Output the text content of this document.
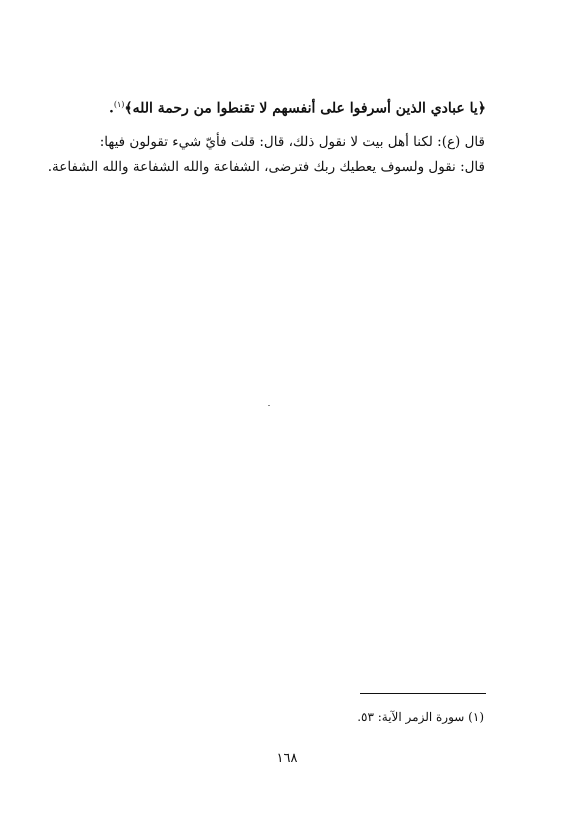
﴿يا عبادي الذين أسرفوا على أنفسهم لا تقنطوا من رحمة الله﴾$^{(١)}$.
قال (ع): لكنا أهل بيت لا نقول ذلك، قال: قلت فأيّ شيء تقولون فيها:
قال: نقول ولسوف يعطيك ربك فترضى، الشفاعة والله الشفاعة والله الشفاعة.
(١) سورة الزمر الآية: ٥٣.
١٦٨
